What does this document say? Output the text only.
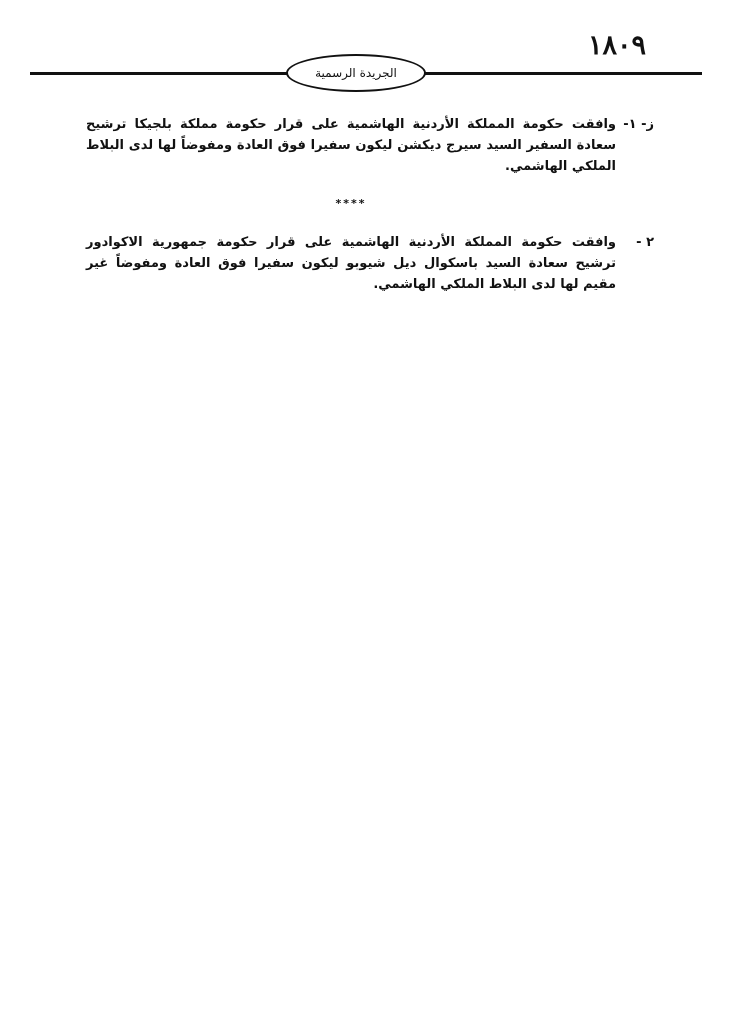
١٨٠٩
الجريدة الرسمية
ز- ١-
وافقت حكومة المملكة الأردنية الهاشمية على قرار حكومة مملكة بلجيكا ترشيح سعادة السفير السيد سيرج ديكشن ليكون سفيرا فوق العادة ومفوضاً لها لدى البلاط الملكي الهاشمي.
****
٢ -
وافقت حكومة المملكة الأردنية الهاشمية على قرار حكومة جمهورية الاكوادور ترشيح سعادة السيد باسكوال ديل شيوبو ليكون سفيرا فوق العادة ومفوضاً غير مقيم لها لدى البلاط الملكي الهاشمي.
